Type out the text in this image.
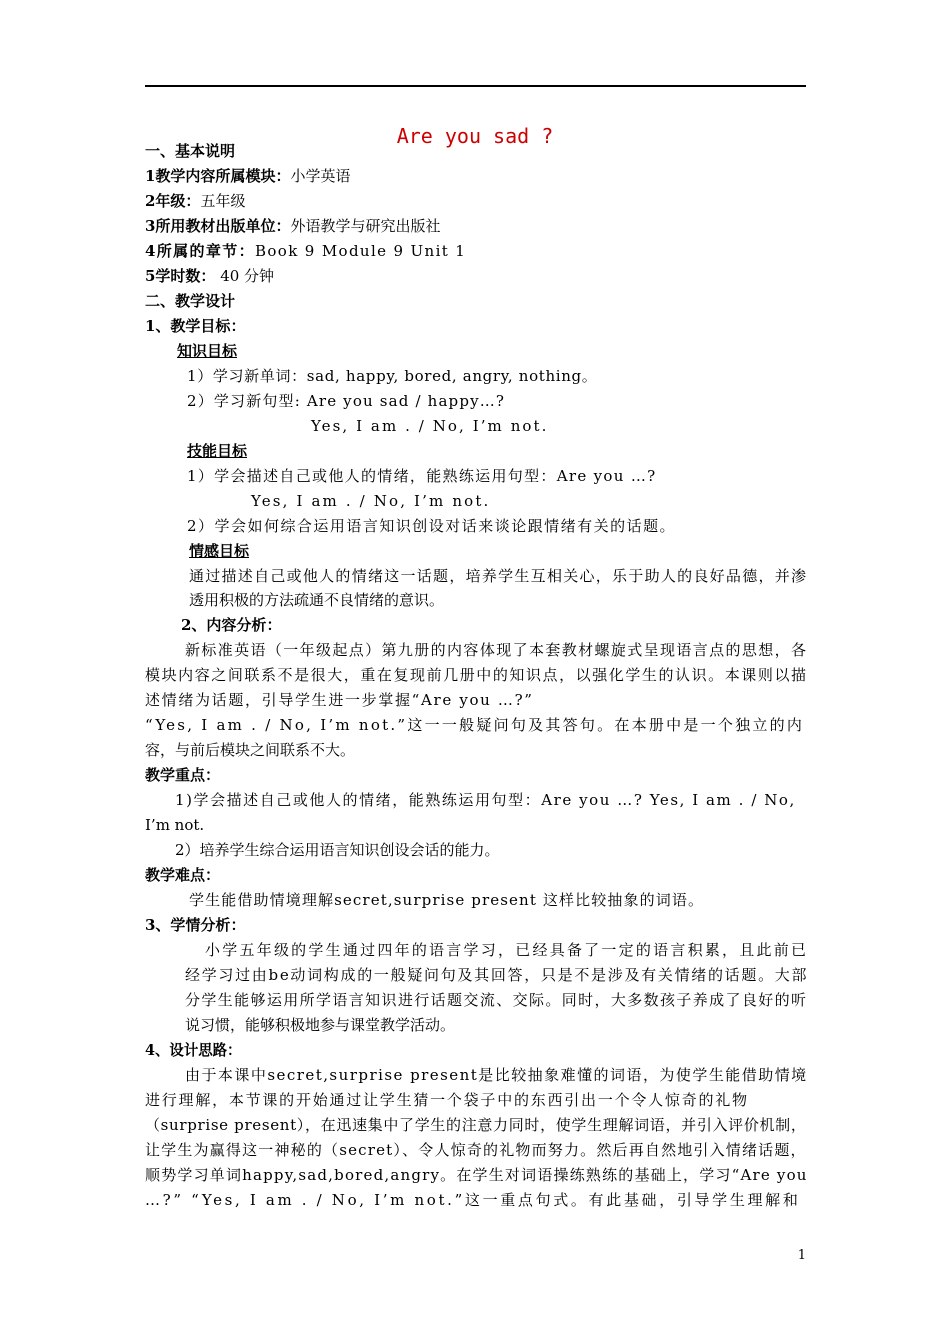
Are you sad ?
一、基本说明
1教学内容所属模块：小学英语
2年级：五年级
3所用教材出版单位：外语教学与研究出版社
4所属的章节：Book 9 Module 9 Unit 1
5学时数： 40 分钟
二、教学设计
1、教学目标：
知识目标
1）学习新单词：sad, happy, bored, angry, nothing。
2）学习新句型: Are you sad / happy…?
Yes, I am . / No, I’m not.
技能目标
1）学会描述自己或他人的情绪，能熟练运用句型：Are you …?
Yes, I am . / No, I’m not.
2）学会如何综合运用语言知识创设对话来谈论跟情绪有关的话题。
情感目标
通过描述自己或他人的情绪这一话题，培养学生互相关心，乐于助人的良好品德，并渗
透用积极的方法疏通不良情绪的意识。
2、内容分析：
新标准英语（一年级起点）第九册的内容体现了本套教材螺旋式呈现语言点的思想，各
模块内容之间联系不是很大，重在复现前几册中的知识点，以强化学生的认识。本课则以描
述情绪为话题，引导学生进一步掌握“Are you …?”
“Yes, I am . / No, I’m not.”这一一般疑问句及其答句。在本册中是一个独立的内
容，与前后模块之间联系不大。
教学重点：
1)学会描述自己或他人的情绪，能熟练运用句型：Are you …? Yes, I am . / No,
I’m not.
2）培养学生综合运用语言知识创设会话的能力。
教学难点：
学生能借助情境理解secret,surprise present 这样比较抽象的词语。
3、学情分析：
小学五年级的学生通过四年的语言学习，已经具备了一定的语言积累，且此前已
经学习过由be动词构成的一般疑问句及其回答，只是不是涉及有关情绪的话题。大部
分学生能够运用所学语言知识进行话题交流、交际。同时，大多数孩子养成了良好的听
说习惯，能够积极地参与课堂教学活动。
4、设计思路：
由于本课中secret,surprise present是比较抽象难懂的词语，为使学生能借助情境
进行理解，本节课的开始通过让学生猜一个袋子中的东西引出一个令人惊奇的礼物
（surprise present），在迅速集中了学生的注意力同时，使学生理解词语，并引入评价机制，
让学生为赢得这一神秘的（secret）、令人惊奇的礼物而努力。然后再自然地引入情绪话题，
顺势学习单词happy,sad,bored,angry。在学生对词语操练熟练的基础上，学习“Are you
…?” “Yes, I am . / No, I’m not.”这一重点句式。有此基础，引导学生理解和
1
